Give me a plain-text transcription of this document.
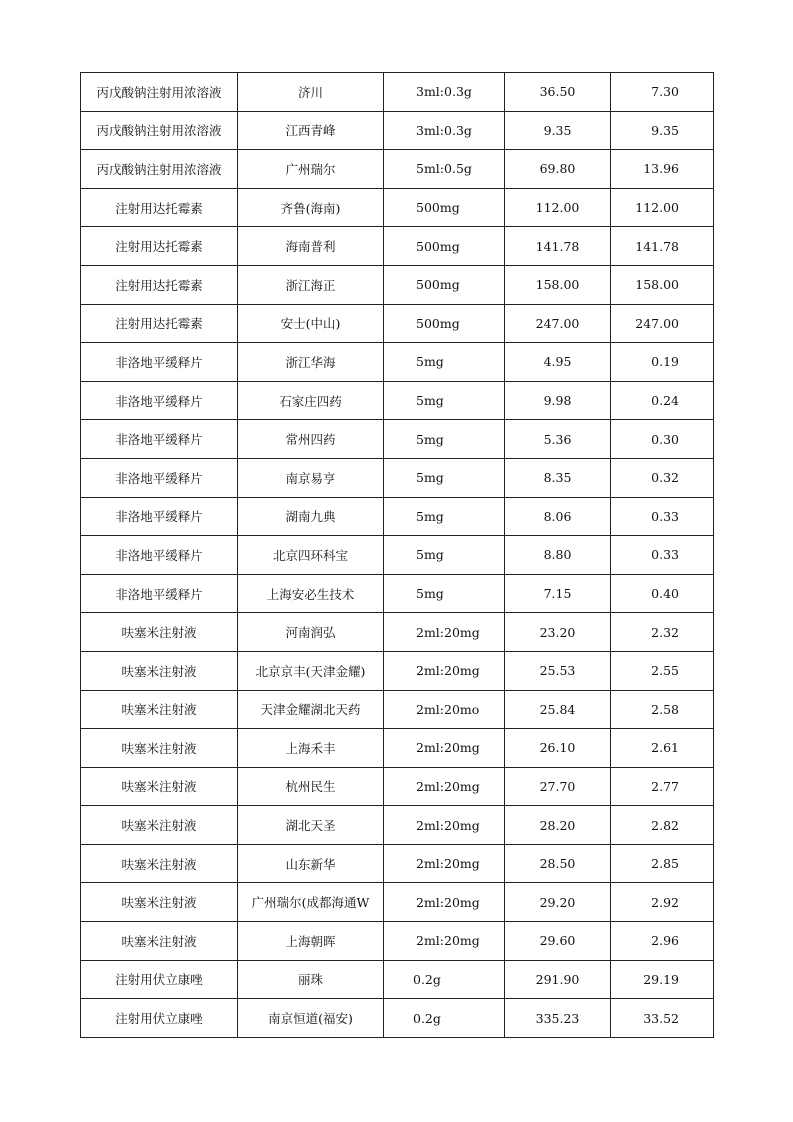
丙戊酸钠注射用浓溶液	济川	3ml:0.3g	36.50	7.30
丙戊酸钠注射用浓溶液	江西青峰	3ml:0.3g	9.35	9.35
丙戊酸钠注射用浓溶液	广州瑞尔	5ml:0.5g	69.80	13.96
注射用达托霉素	齐鲁(海南)	500mg	112.00	112.00
注射用达托霉素	海南普利	500mg	141.78	141.78
注射用达托霉素	浙江海正	500mg	158.00	158.00
注射用达托霉素	安士(中山)	500mg	247.00	247.00
非洛地平缓释片	浙江华海	5mg	4.95	0.19
非洛地平缓释片	石家庄四药	5mg	9.98	0.24
非洛地平缓释片	常州四药	5mg	5.36	0.30
非洛地平缓释片	南京易亨	5mg	8.35	0.32
非洛地平缓释片	湖南九典	5mg	8.06	0.33
非洛地平缓释片	北京四环科宝	5mg	8.80	0.33
非洛地平缓释片	上海安必生技术	5mg	7.15	0.40
呋塞米注射液	河南润弘	2ml:20mg	23.20	2.32
呋塞米注射液	北京京丰(天津金耀)	2ml:20mg	25.53	2.55
呋塞米注射液	天津金耀湖北天药	2ml:20mo	25.84	2.58
呋塞米注射液	上海禾丰	2ml:20mg	26.10	2.61
呋塞米注射液	杭州民生	2ml:20mg	27.70	2.77
呋塞米注射液	湖北天圣	2ml:20mg	28.20	2.82
呋塞米注射液	山东新华	2ml:20mg	28.50	2.85
呋塞米注射液	广州瑞尔(成都海通W	2ml:20mg	29.20	2.92
呋塞米注射液	上海朝晖	2ml:20mg	29.60	2.96
注射用伏立康唑	丽珠	0.2g	291.90	29.19
注射用伏立康唑	南京恒道(福安)	0.2g	335.23	33.52
